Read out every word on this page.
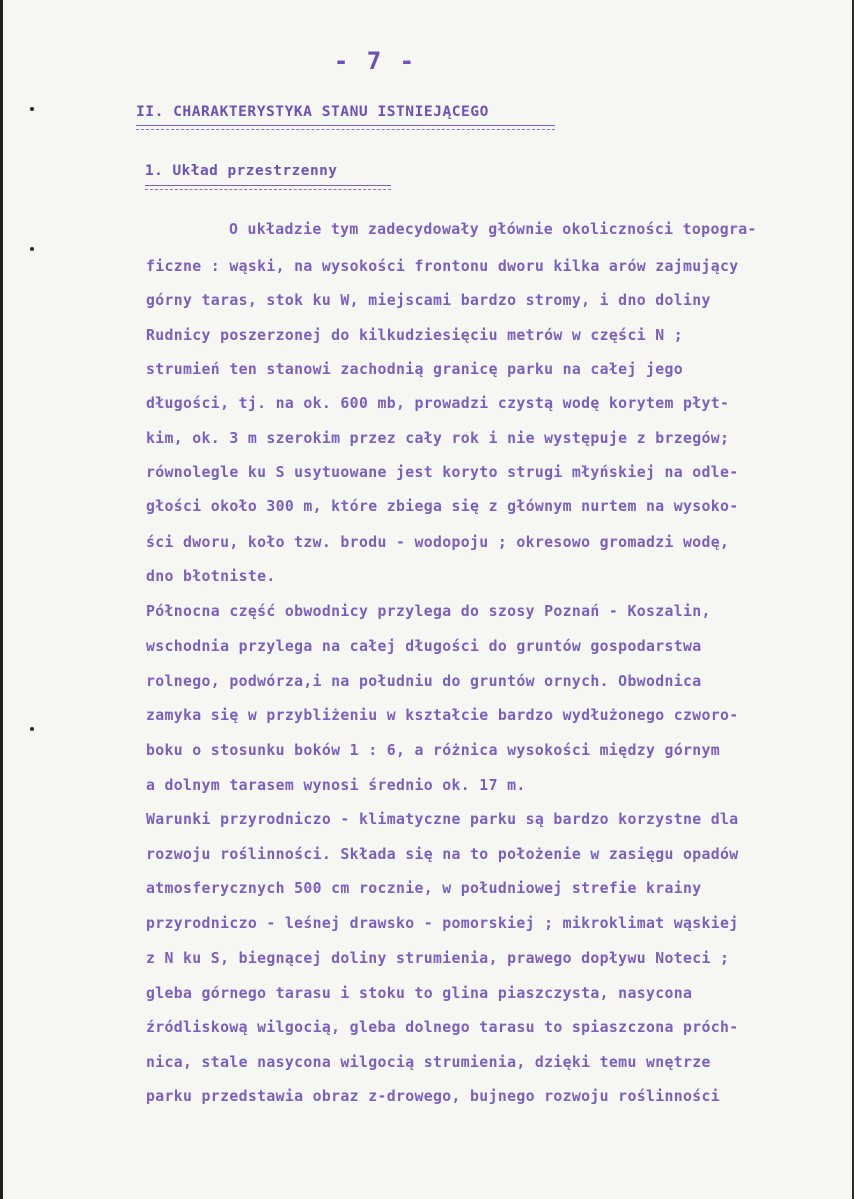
- 7 -
II. CHARAKTERYSTYKA STANU ISTNIEJĄCEGO
1. Układ przestrzenny
O układzie tym zadecydowały głównie okoliczności topogra-
ficzne : wąski, na wysokości frontonu dworu kilka arów zajmujący
górny taras, stok ku W, miejscami bardzo stromy, i dno doliny
Rudnicy poszerzonej do kilkudziesięciu metrów w części N ;
strumień ten stanowi zachodnią granicę parku na całej jego
długości, tj. na ok. 600 mb, prowadzi czystą wodę korytem płyt-
kim, ok. 3 m szerokim przez cały rok i nie występuje z brzegów;
równolegle ku S usytuowane jest koryto strugi młyńskiej na odle-
głości około 300 m, które zbiega się z głównym nurtem na wysoko-
ści dworu, koło tzw. brodu - wodopoju ; okresowo gromadzi wodę,
dno błotniste.
Północna część obwodnicy przylega do szosy Poznań - Koszalin,
wschodnia przylega na całej długości do gruntów gospodarstwa
rolnego, podwórza,i na południu do gruntów ornych. Obwodnica
zamyka się w przybliżeniu w kształcie bardzo wydłużonego czworo-
boku o stosunku boków 1 : 6, a różnica wysokości między górnym
a dolnym tarasem wynosi średnio ok. 17 m.
Warunki przyrodniczo - klimatyczne parku są bardzo korzystne dla
rozwoju roślinności. Składa się na to położenie w zasięgu opadów
atmosferycznych 500 cm rocznie, w południowej strefie krainy
przyrodniczo - leśnej drawsko - pomorskiej ; mikroklimat wąskiej
z N ku S, biegnącej doliny strumienia, prawego dopływu Noteci ;
gleba górnego tarasu i stoku to glina piaszczysta, nasycona
źródliskową wilgocią, gleba dolnego tarasu to spiaszczona próch-
nica, stale nasycona wilgocią strumienia, dzięki temu wnętrze
parku przedstawia obraz z-drowego, bujnego rozwoju roślinności
